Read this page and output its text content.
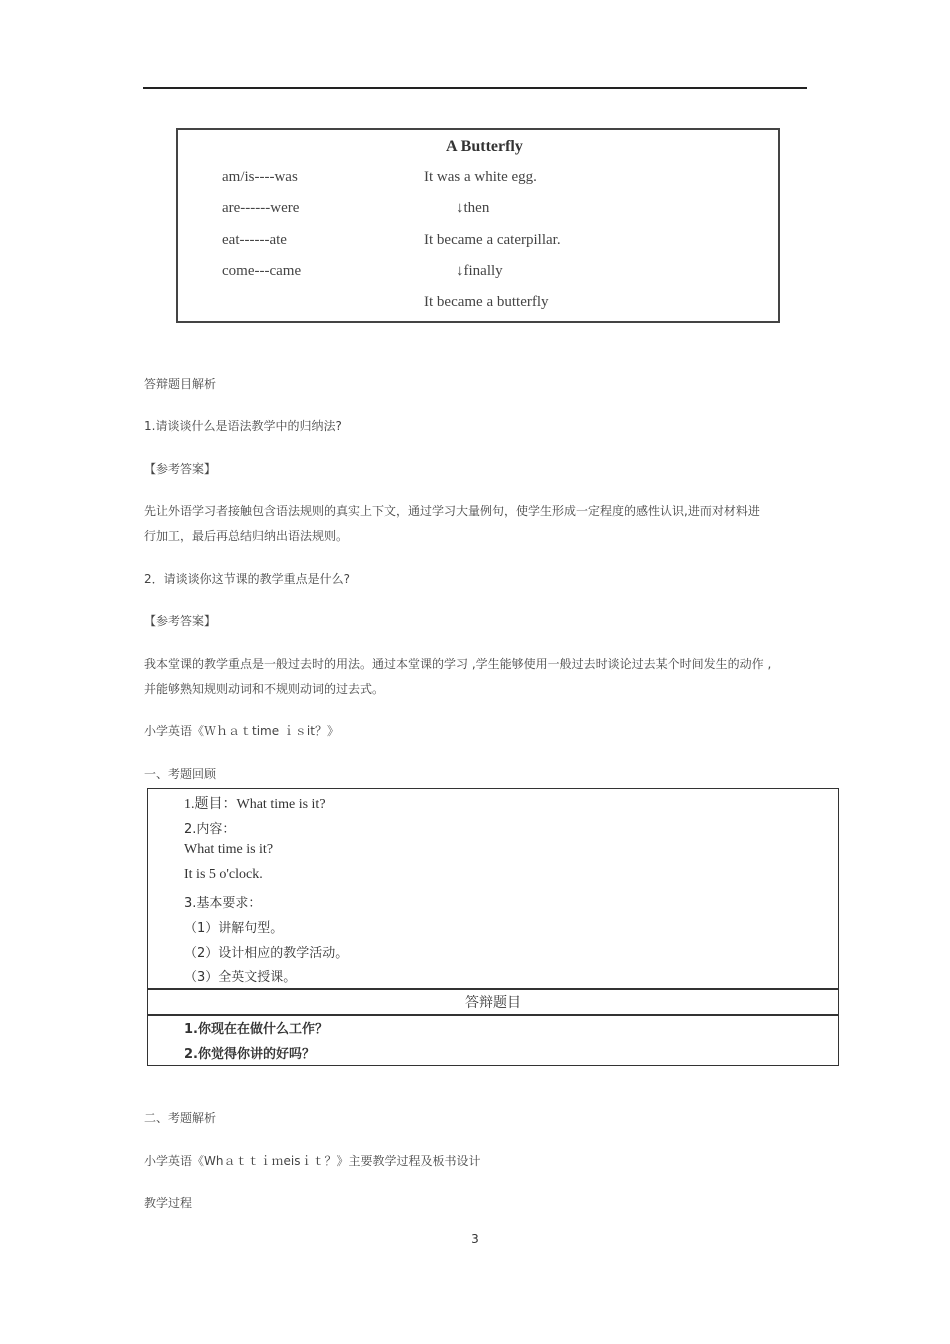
A Butterfly
am/is----was
are------were
eat------ate
come---came
It was a white egg.
↓then
It became a caterpillar.
↓finally
It became a butterfly
答辩题目解析
1.请谈谈什么是语法教学中的归纳法?
【参考答案】
先让外语学习者接触包含语法规则的真实上下文，通过学习大量例句，使学生形成一定程度的感性认识,进而对材料进
行加工，最后再总结归纳出语法规则。
2．请谈谈你这节课的教学重点是什么?
【参考答案】
我本堂课的教学重点是一般过去时的用法。通过本堂课的学习 ,学生能够使用一般过去时谈论过去某个时间发生的动作 ,
并能够熟知规则动词和不规则动词的过去式。
小学英语《Ｗｈａｔtime ｉｓit？》
一、考题回顾
1.题目：What time is it?
2.内容：
What time is it?
It is 5 o'clock.
3.基本要求：
（1）讲解句型。
（2）设计相应的教学活动。
（3）全英文授课。
答辩题目
1.你现在在做什么工作？
2.你觉得你讲的好吗？
二、考题解析
小学英语《Whａｔｔｉｍeisｉｔ？》主要教学过程及板书设计
教学过程
3
